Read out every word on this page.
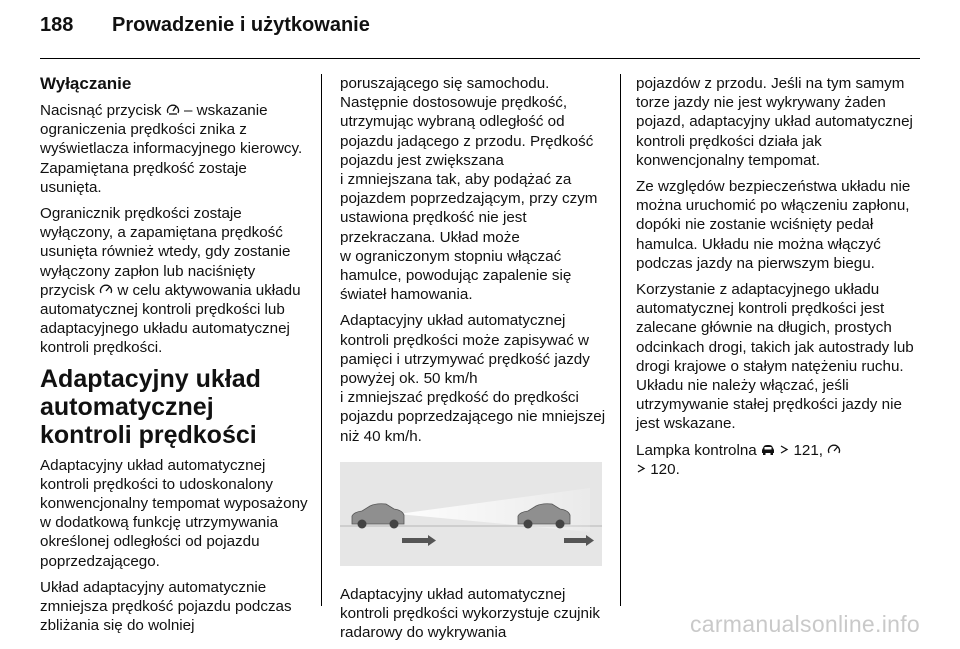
188 Prowadzenie i użytkowanie

Wyłączanie

Nacisnąć przycisk – wskazanie ograniczenia prędkości znika z wyświetlacza informacyjnego kierowcy. Zapamiętana prędkość zostaje usunięta.

Ogranicznik prędkości zostaje wyłączony, a zapamiętana prędkość usunięta również wtedy, gdy zostanie wyłączony zapłon lub naciśnięty przycisk w celu aktywowania układu automatycznej kontroli prędkości lub adaptacyjnego układu automatycznej kontroli prędkości.

Adaptacyjny układ automatycznej kontroli prędkości

Adaptacyjny układ automatycznej kontroli prędkości to udoskonalony konwencjonalny tempomat wyposażony w dodatkową funkcję utrzymywania określonej odległości od pojazdu poprzedzającego.

Układ adaptacyjny automatycznie zmniejsza prędkość pojazdu podczas zbliżania się do wolniej

poruszającego się samochodu. Następnie dostosowuje prędkość, utrzymując wybraną odległość od pojazdu jadącego z przodu. Prędkość pojazdu jest zwiększana

i zmniejszana tak, aby podążać za pojazdem poprzedzającym, przy czym ustawiona prędkość nie jest przekraczana. Układ może

w ograniczonym stopniu włączać hamulce, powodując zapalenie się świateł hamowania.

Adaptacyjny układ automatycznej kontroli prędkości może zapisywać w pamięci i utrzymywać prędkość jazdy powyżej ok. 50 km/h

i zmniejszać prędkość do prędkości pojazdu poprzedzającego nie mniejszej niż 40 km/h.

Adaptacyjny układ automatycznej kontroli prędkości wykorzystuje czujnik radarowy do wykrywania

pojazdów z przodu. Jeśli na tym samym torze jazdy nie jest wykrywany żaden pojazd, adaptacyjny układ automatycznej kontroli prędkości działa jak konwencjonalny tempomat.

Ze względów bezpieczeństwa układu nie można uruchomić po włączeniu zapłonu, dopóki nie zostanie wciśnięty pedał hamulca. Układu nie można włączyć podczas jazdy na pierwszym biegu.

Korzystanie z adaptacyjnego układu automatycznej kontroli prędkości jest zalecane głównie na długich, prostych odcinkach drogi, takich jak autostrady lub drogi krajowe o stałym natężeniu ruchu. Układu nie należy włączać, jeśli utrzymywanie stałej prędkości jazdy nie jest wskazane.

Lampka kontrolna 121,
120.

carmanualsonline.info
